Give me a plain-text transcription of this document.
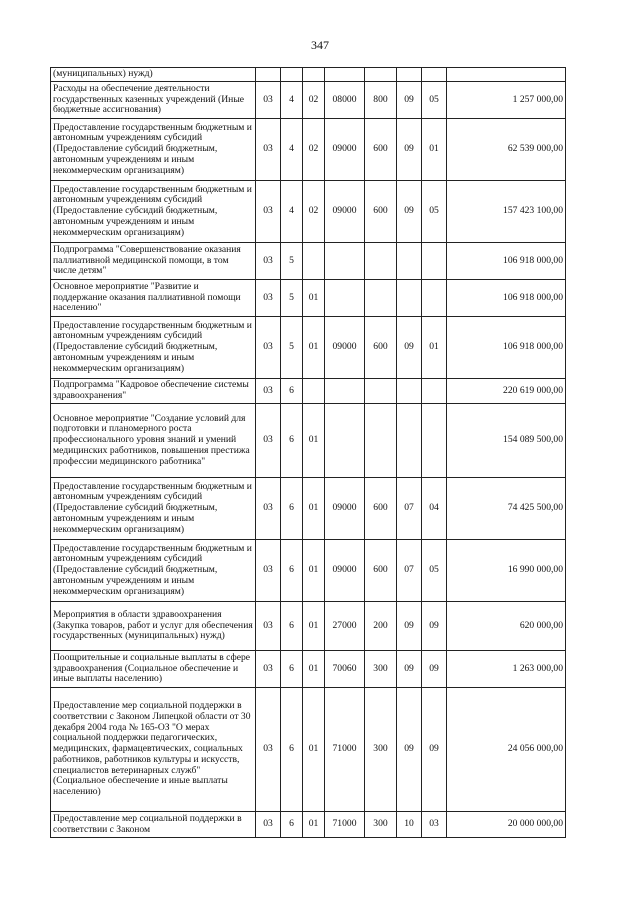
347
(муниципальных) нужд)								
Расходы на обеспечение деятельности государственных казенных учреждений (Иные бюджетные ассигнования)	03	4	02	08000	800	09	05	1 257 000,00
Предоставление государственным бюджетным и автономным учреждениям субсидий (Предоставление субсидий бюджетным, автономным учреждениям и иным некоммерческим организациям)	03	4	02	09000	600	09	01	62 539 000,00
Предоставление государственным бюджетным и автономным учреждениям субсидий (Предоставление субсидий бюджетным, автономным учреждениям и иным некоммерческим организациям)	03	4	02	09000	600	09	05	157 423 100,00
Подпрограмма "Совершенствование оказания паллиативной медицинской помощи, в том числе детям"	03	5						106 918 000,00
Основное мероприятие "Развитие и поддержание оказания паллиативной помощи населению"	03	5	01					106 918 000,00
Предоставление государственным бюджетным и автономным учреждениям субсидий (Предоставление субсидий бюджетным, автономным учреждениям и иным некоммерческим организациям)	03	5	01	09000	600	09	01	106 918 000,00
Подпрограмма "Кадровое обеспечение системы здравоохранения"	03	6						220 619 000,00
Основное мероприятие "Создание условий для подготовки и планомерного роста профессионального уровня знаний и умений медицинских работников, повышения престижа профессии медицинского работника"	03	6	01					154 089 500,00
Предоставление государственным бюджетным и автономным учреждениям субсидий (Предоставление субсидий бюджетным, автономным учреждениям и иным некоммерческим организациям)	03	6	01	09000	600	07	04	74 425 500,00
Предоставление государственным бюджетным и автономным учреждениям субсидий (Предоставление субсидий бюджетным, автономным учреждениям и иным некоммерческим организациям)	03	6	01	09000	600	07	05	16 990 000,00
Мероприятия в области здравоохранения (Закупка товаров, работ и услуг для обеспечения государственных (муниципальных) нужд)	03	6	01	27000	200	09	09	620 000,00
Поощрительные и социальные выплаты в сфере здравоохранения (Социальное обеспечение и иные выплаты населению)	03	6	01	70060	300	09	09	1 263 000,00
Предоставление мер социальной поддержки в соответствии с Законом Липецкой области от 30 декабря 2004 года № 165-ОЗ "О мерах социальной поддержки педагогических, медицинских, фармацевтических, социальных работников, работников культуры и искусств, специалистов ветеринарных служб" (Социальное обеспечение и иные выплаты населению)	03	6	01	71000	300	09	09	24 056 000,00
Предоставление мер социальной поддержки в соответствии с Законом	03	6	01	71000	300	10	03	20 000 000,00
